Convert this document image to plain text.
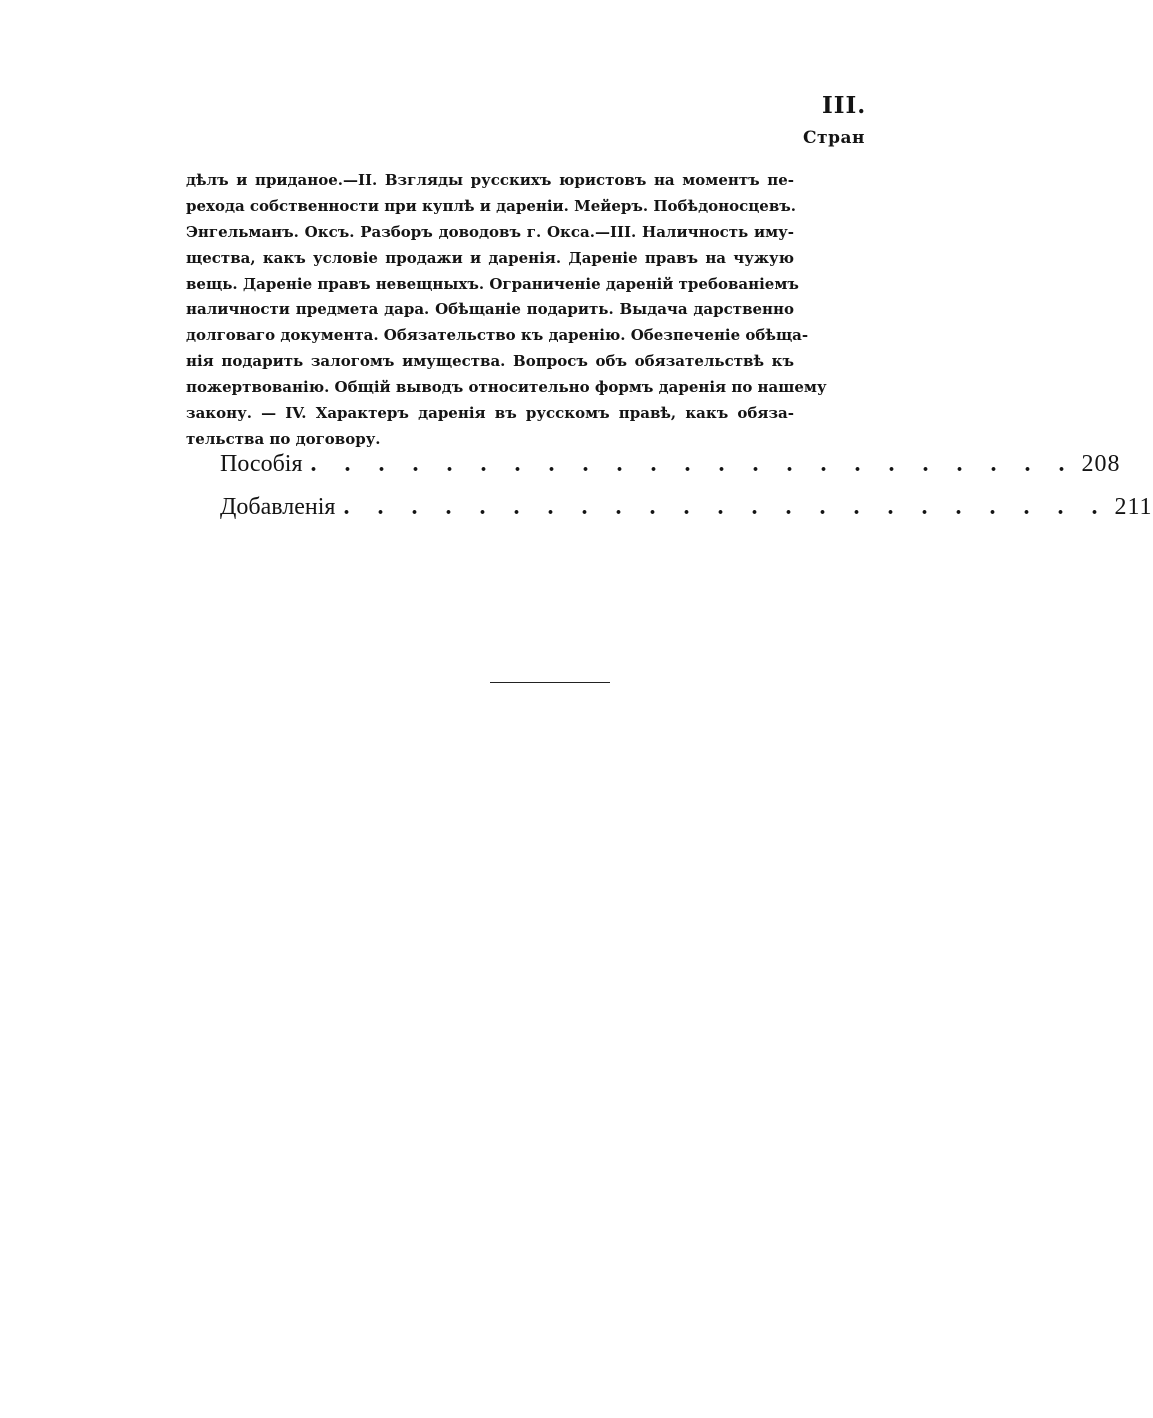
III.
Стран
дѣлъ и приданое.—II. Взгляды русскихъ юристовъ на моментъ пе-
рехода собственности при куплѣ и дареніи. Мейеръ. Побѣдоносцевъ.
Энгельманъ. Оксъ. Разборъ доводовъ г. Окса.—III. Наличность иму-
щества, какъ условіе продажи и даренія. Дареніе правъ на чужую
вещь. Дареніе правъ невещныхъ. Ограниченіе дареній требованіемъ
наличности предмета дара. Обѣщаніе подарить. Выдача дарственно
долговаго документа. Обязательство къ дарeнію. Обезпеченіе обѣща-
нія подарить залогомъ имущества. Вопросъ объ обязательствѣ къ
пожертвованію. Общій выводъ относительно формъ даренія по нашему
закону. — IV. Характеръ даренія въ русскомъ правѣ, какъ обяза-
тельства по договору.
Пособія . . . . . . . . . . . . . . . . . . . . . . . 208
Добавленія . . . . . . . . . . . . . . . . . . . . . . . 211
